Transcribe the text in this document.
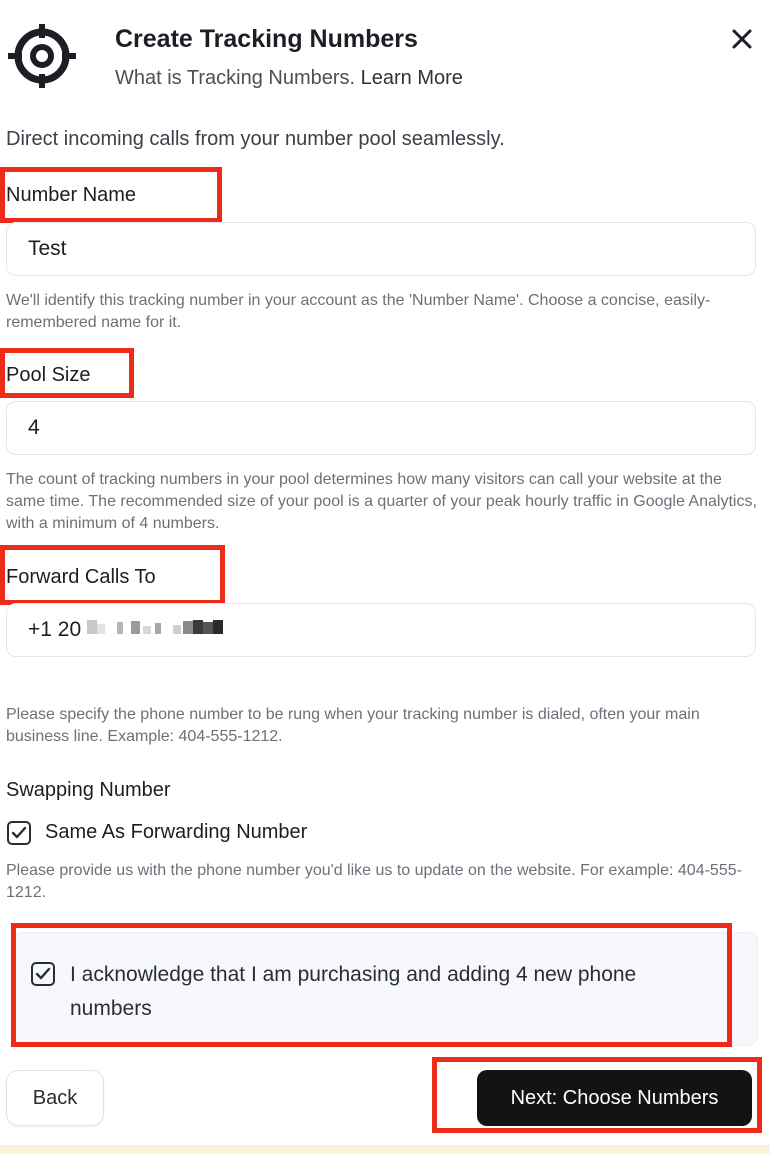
Create Tracking Numbers
What is Tracking Numbers. Learn More
Direct incoming calls from your number pool seamlessly.
Number Name
Test
We'll identify this tracking number in your account as the 'Number Name'. Choose a concise, easily-remembered name for it.
Pool Size
4
The count of tracking numbers in your pool determines how many visitors can call your website at the same time. The recommended size of your pool is a quarter of your peak hourly traffic in Google Analytics, with a minimum of 4 numbers.
Forward Calls To
+1 20
Please specify the phone number to be rung when your tracking number is dialed, often your main business line. Example: 404-555-1212.
Swapping Number
Same As Forwarding Number
Please provide us with the phone number you'd like us to update on the website. For example: 404-555-1212.
I acknowledge that I am purchasing and adding 4 new phone numbers
Back	Next: Choose Numbers
